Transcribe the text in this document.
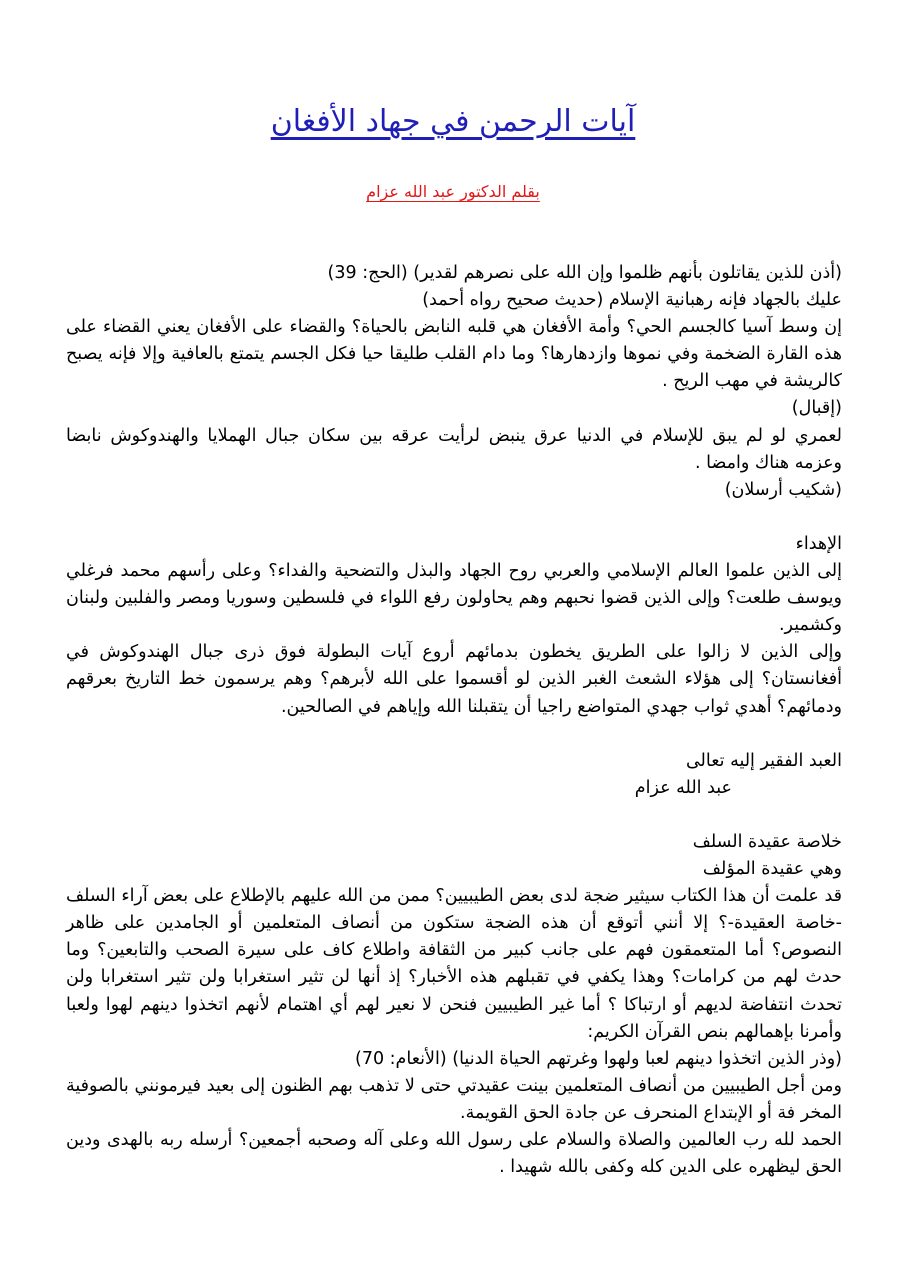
آيات الرحمن في جهاد الأفغان
بقلم الدكتور عبد الله عزام

(أذن للذين يقاتلون بأنهم ظلموا وإن الله على نصرهم لقدير) (الحج: 39)

عليك بالجهاد فإنه رهبانية الإسلام (حديث صحيح رواه أحمد)

إن وسط آسيا كالجسم الحي؟ وأمة الأفغان هي قلبه النابض بالحياة؟ والقضاء على الأفغان يعني القضاء على هذه القارة الضخمة وفي نموها وازدهارها؟ وما دام القلب طليقا حيا فكل الجسم يتمتع بالعافية وإلا فإنه يصبح كالريشة في مهب الريح .

(إقبال)

لعمري لو لم يبق للإسلام في الدنيا عرق ينبض لرأيت عرقه بين سكان جبال الهملايا والهندوكوش نابضا وعزمه هناك وامضا .

(شكيب أرسلان)

الإهداء

إلى الذين علموا العالم الإسلامي والعربي روح الجهاد والبذل والتضحية والفداء؟ وعلى رأسهم محمد فرغلي ويوسف طلعت؟ وإلى الذين قضوا نحبهم وهم يحاولون رفع اللواء في فلسطين وسوريا ومصر والفلبين ولبنان وكشمير.

وإلى الذين لا زالوا على الطريق يخطون بدمائهم أروع آيات البطولة فوق ذرى جبال الهندوكوش في أفغانستان؟ إلى هؤلاء الشعث الغبر الذين لو أقسموا على الله لأبرهم؟ وهم يرسمون خط التاريخ بعرقهم ودمائهم؟ أهدي ثواب جهدي المتواضع راجيا أن يتقبلنا الله وإياهم في الصالحين.

العبد الفقير إليه تعالى

عبد الله عزام

خلاصة عقيدة السلف

وهي عقيدة المؤلف

قد علمت أن هذا الكتاب سيثير ضجة لدى بعض الطيبيين؟ ممن من الله عليهم بالإطلاع على بعض آراء السلف -خاصة العقيدة-؟ إلا أنني أتوقع أن هذه الضجة ستكون من أنصاف المتعلمين أو الجامدين على ظاهر النصوص؟ أما المتعمقون فهم على جانب كبير من الثقافة واطلاع كاف على سيرة الصحب والتابعين؟ وما حدث لهم من كرامات؟ وهذا يكفي في تقبلهم هذه الأخبار؟ إذ أنها لن تثير استغرابا ولن تثير استغرابا ولن تحدث انتفاضة لديهم أو ارتباكا ؟ أما غير الطيبيين فنحن لا نعير لهم أي اهتمام لأنهم اتخذوا دينهم لهوا ولعبا وأمرنا بإهمالهم بنص القرآن الكريم:

(وذر الذين اتخذوا دينهم لعبا ولهوا وغرتهم الحياة الدنيا) (الأنعام: 70)

ومن أجل الطيبيين من أنصاف المتعلمين بينت عقيدتي حتى لا تذهب بهم الظنون إلى بعيد فيرمونني بالصوفية المخر فة أو الإبتداع المنحرف عن جادة الحق القويمة.

الحمد لله رب العالمين والصلاة والسلام على رسول الله وعلى آله وصحبه أجمعين؟ أرسله ربه بالهدى ودين الحق ليظهره على الدين كله وكفى بالله شهيدا .
